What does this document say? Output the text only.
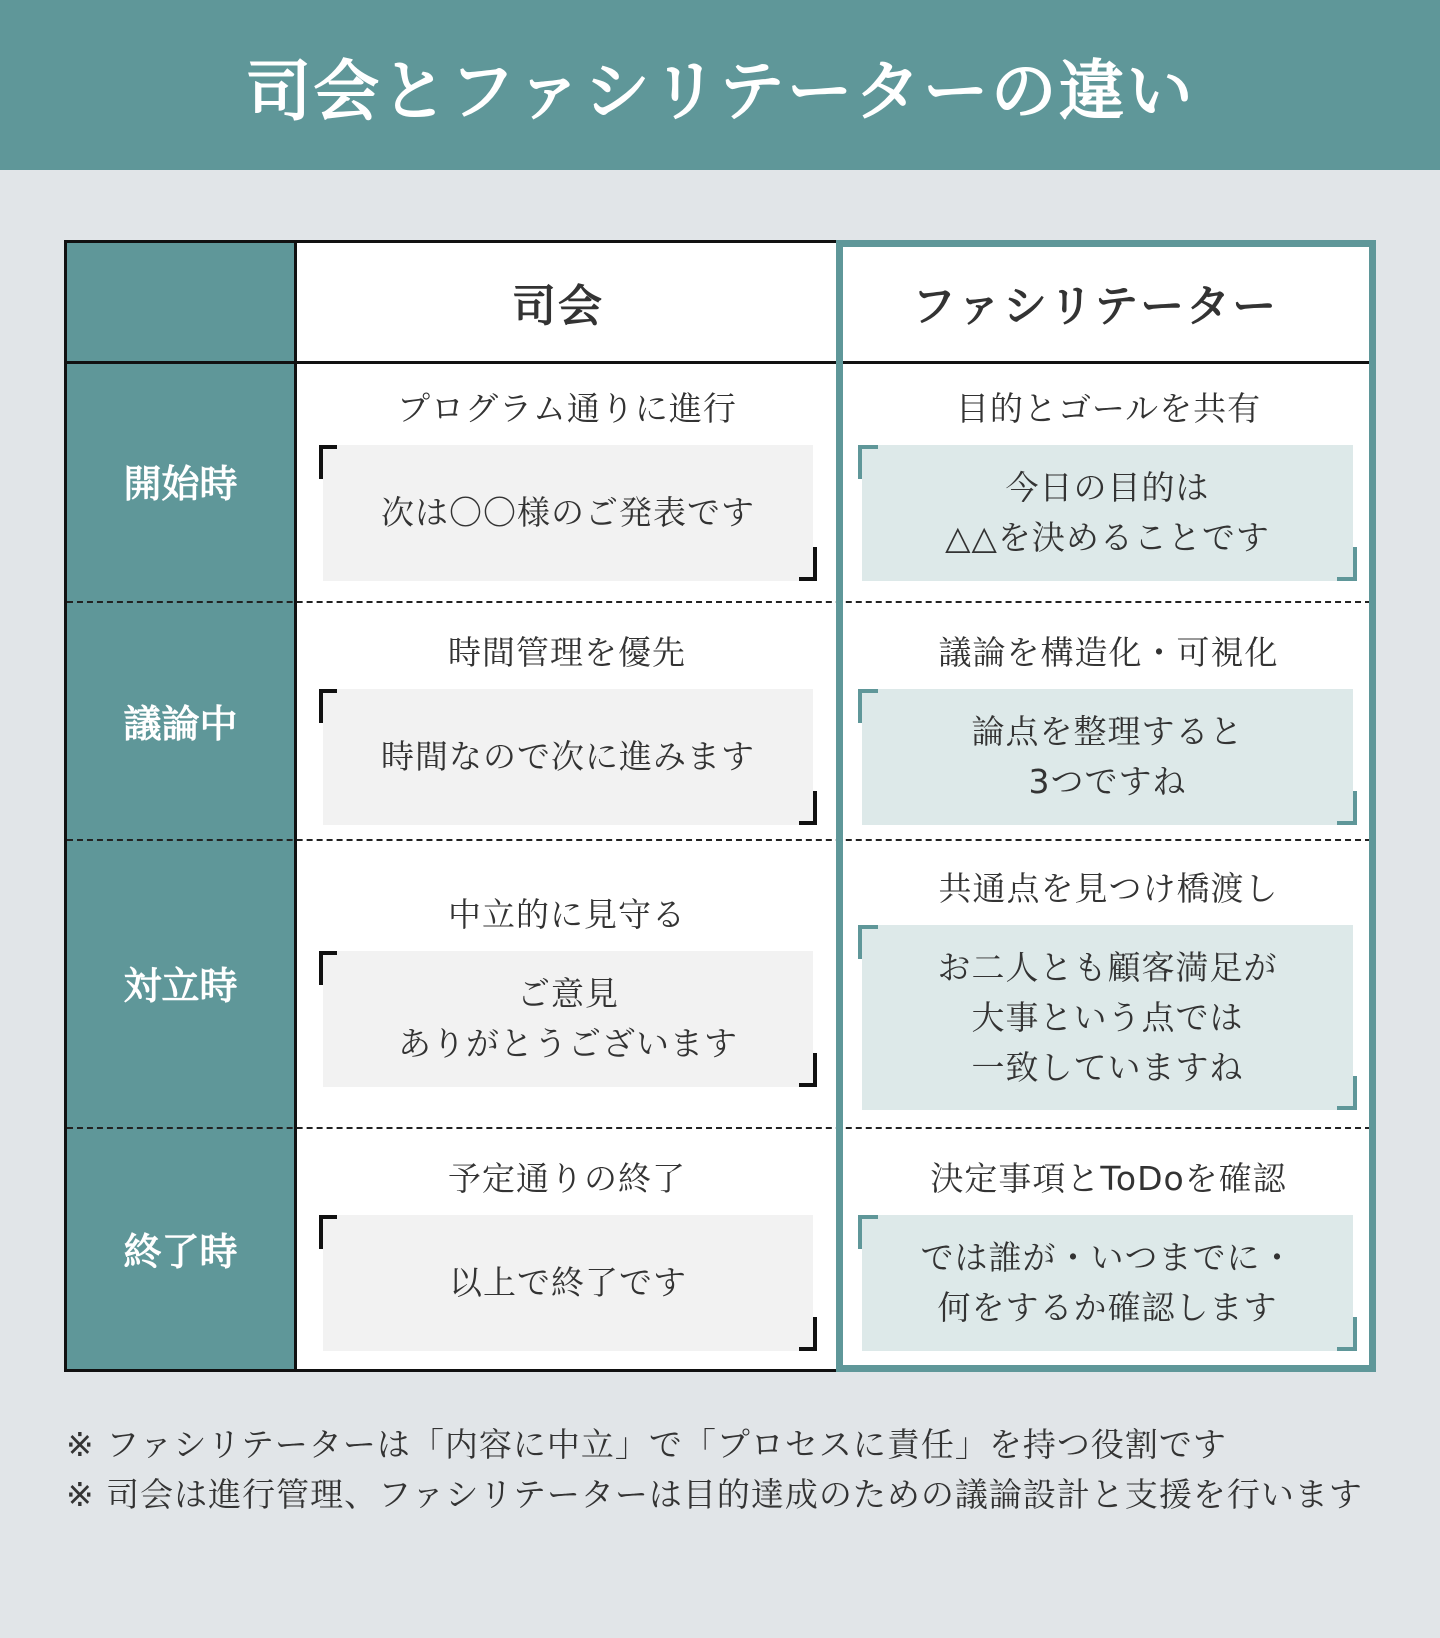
司会とファシリテーターの違い
司会	ファシリテーター
開始時
プログラム通りに進行
次は〇〇様のご発表です
目的とゴールを共有
今日の目的は
△△を決めることです
議論中
時間管理を優先
時間なので次に進みます
議論を構造化・可視化
論点を整理すると
3つですね
対立時
中立的に見守る
ご意見
ありがとうございます
共通点を見つけ橋渡し
お二人とも顧客満足が
大事という点では
一致していますね
終了時
予定通りの終了
以上で終了です
決定事項とToDoを確認
では誰が・いつまでに・
何をするか確認します
※ ファシリテーターは「内容に中立」で「プロセスに責任」を持つ役割です
※ 司会は進行管理、ファシリテーターは目的達成のための議論設計と支援を行います
